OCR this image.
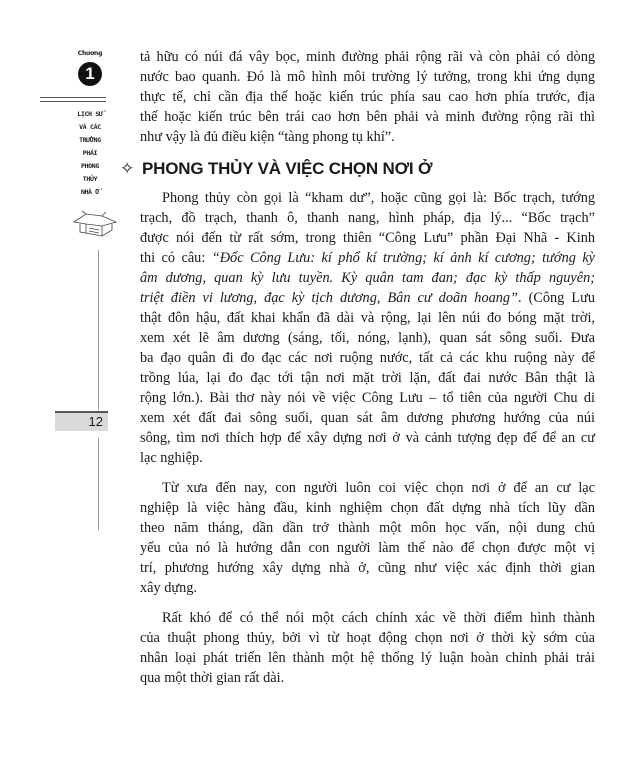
Chương
1
LỊCH SỬ
VÀ CÁC
TRƯỜNG
PHÁI
PHONG
THỦY
NHÀ Ở
12
tả hữu có núi đá vây bọc, minh đường phải rộng rãi và còn phải có dòng
nước bao quanh. Đó là mô hình môi trường lý tưởng, trong khi ứng dụng
thực tế, chỉ cần địa thế hoặc kiến trúc phía sau cao hơn phía trước, địa
thế hoặc kiến trúc bên trái cao hơn bên phải và minh đường rộng rãi thì
như vậy là đủ điều kiện “tàng phong tụ khí”.
✧ PHONG THỦY VÀ VIỆC CHỌN NƠI Ở
Phong thủy còn gọi là “kham dư”, hoặc cũng gọi là: Bốc trạch, tướng
trạch, đồ trạch, thanh ô, thanh nang, hình pháp, địa lý... “Bốc trạch”
được nói đến từ rất sớm, trong thiên “Công Lưu” phần Đại Nhã - Kinh
thi có câu: “Đốc Công Lưu: kí phổ kí trường; kí ảnh kí cương; tướng kỳ
âm dương, quan kỳ lưu tuyền. Kỳ quân tam đan; đạc kỳ thấp nguyên;
triệt điền vi lương, đạc kỳ tịch dương, Bân cư doãn hoang”. (Công Lưu
thật đôn hậu, đất khai khẩn đã dài và rộng, lại lên núi đo bóng mặt trời,
xem xét lẽ âm dương (sáng, tối, nóng, lạnh), quan sát sông suối. Đưa
ba đạo quân đi đo đạc các nơi ruộng nước, tất cả các khu ruộng này để
trồng lúa, lại đo đạc tới tận nơi mặt trời lặn, đất đai nước Bân thật là
rộng lớn.). Bài thơ này nói về việc Công Lưu – tổ tiên của người Chu di
xem xét đất đai sông suối, quan sát âm dương phương hướng của núi
sông, tìm nơi thích hợp để xây dựng nơi ở và cảnh tượng đẹp để để an cư
lạc nghiệp.
Từ xưa đến nay, con người luôn coi việc chọn nơi ở để an cư lạc
nghiệp là việc hàng đầu, kinh nghiệm chọn đất dựng nhà tích lũy dần
theo năm tháng, dần dần trở thành một môn học vấn, nội dung chủ
yếu của nó là hướng dẫn con người làm thế nào để chọn được một vị
trí, phương hướng xây dựng nhà ở, cũng như việc xác định thời gian
xây dựng.
Rất khó để có thể nói một cách chính xác về thời điểm hình thành
của thuật phong thủy, bởi vì từ hoạt động chọn nơi ở thời kỳ sớm của
nhân loại phát triển lên thành một hệ thống lý luận hoàn chỉnh phải trải
qua một thời gian rất dài.
